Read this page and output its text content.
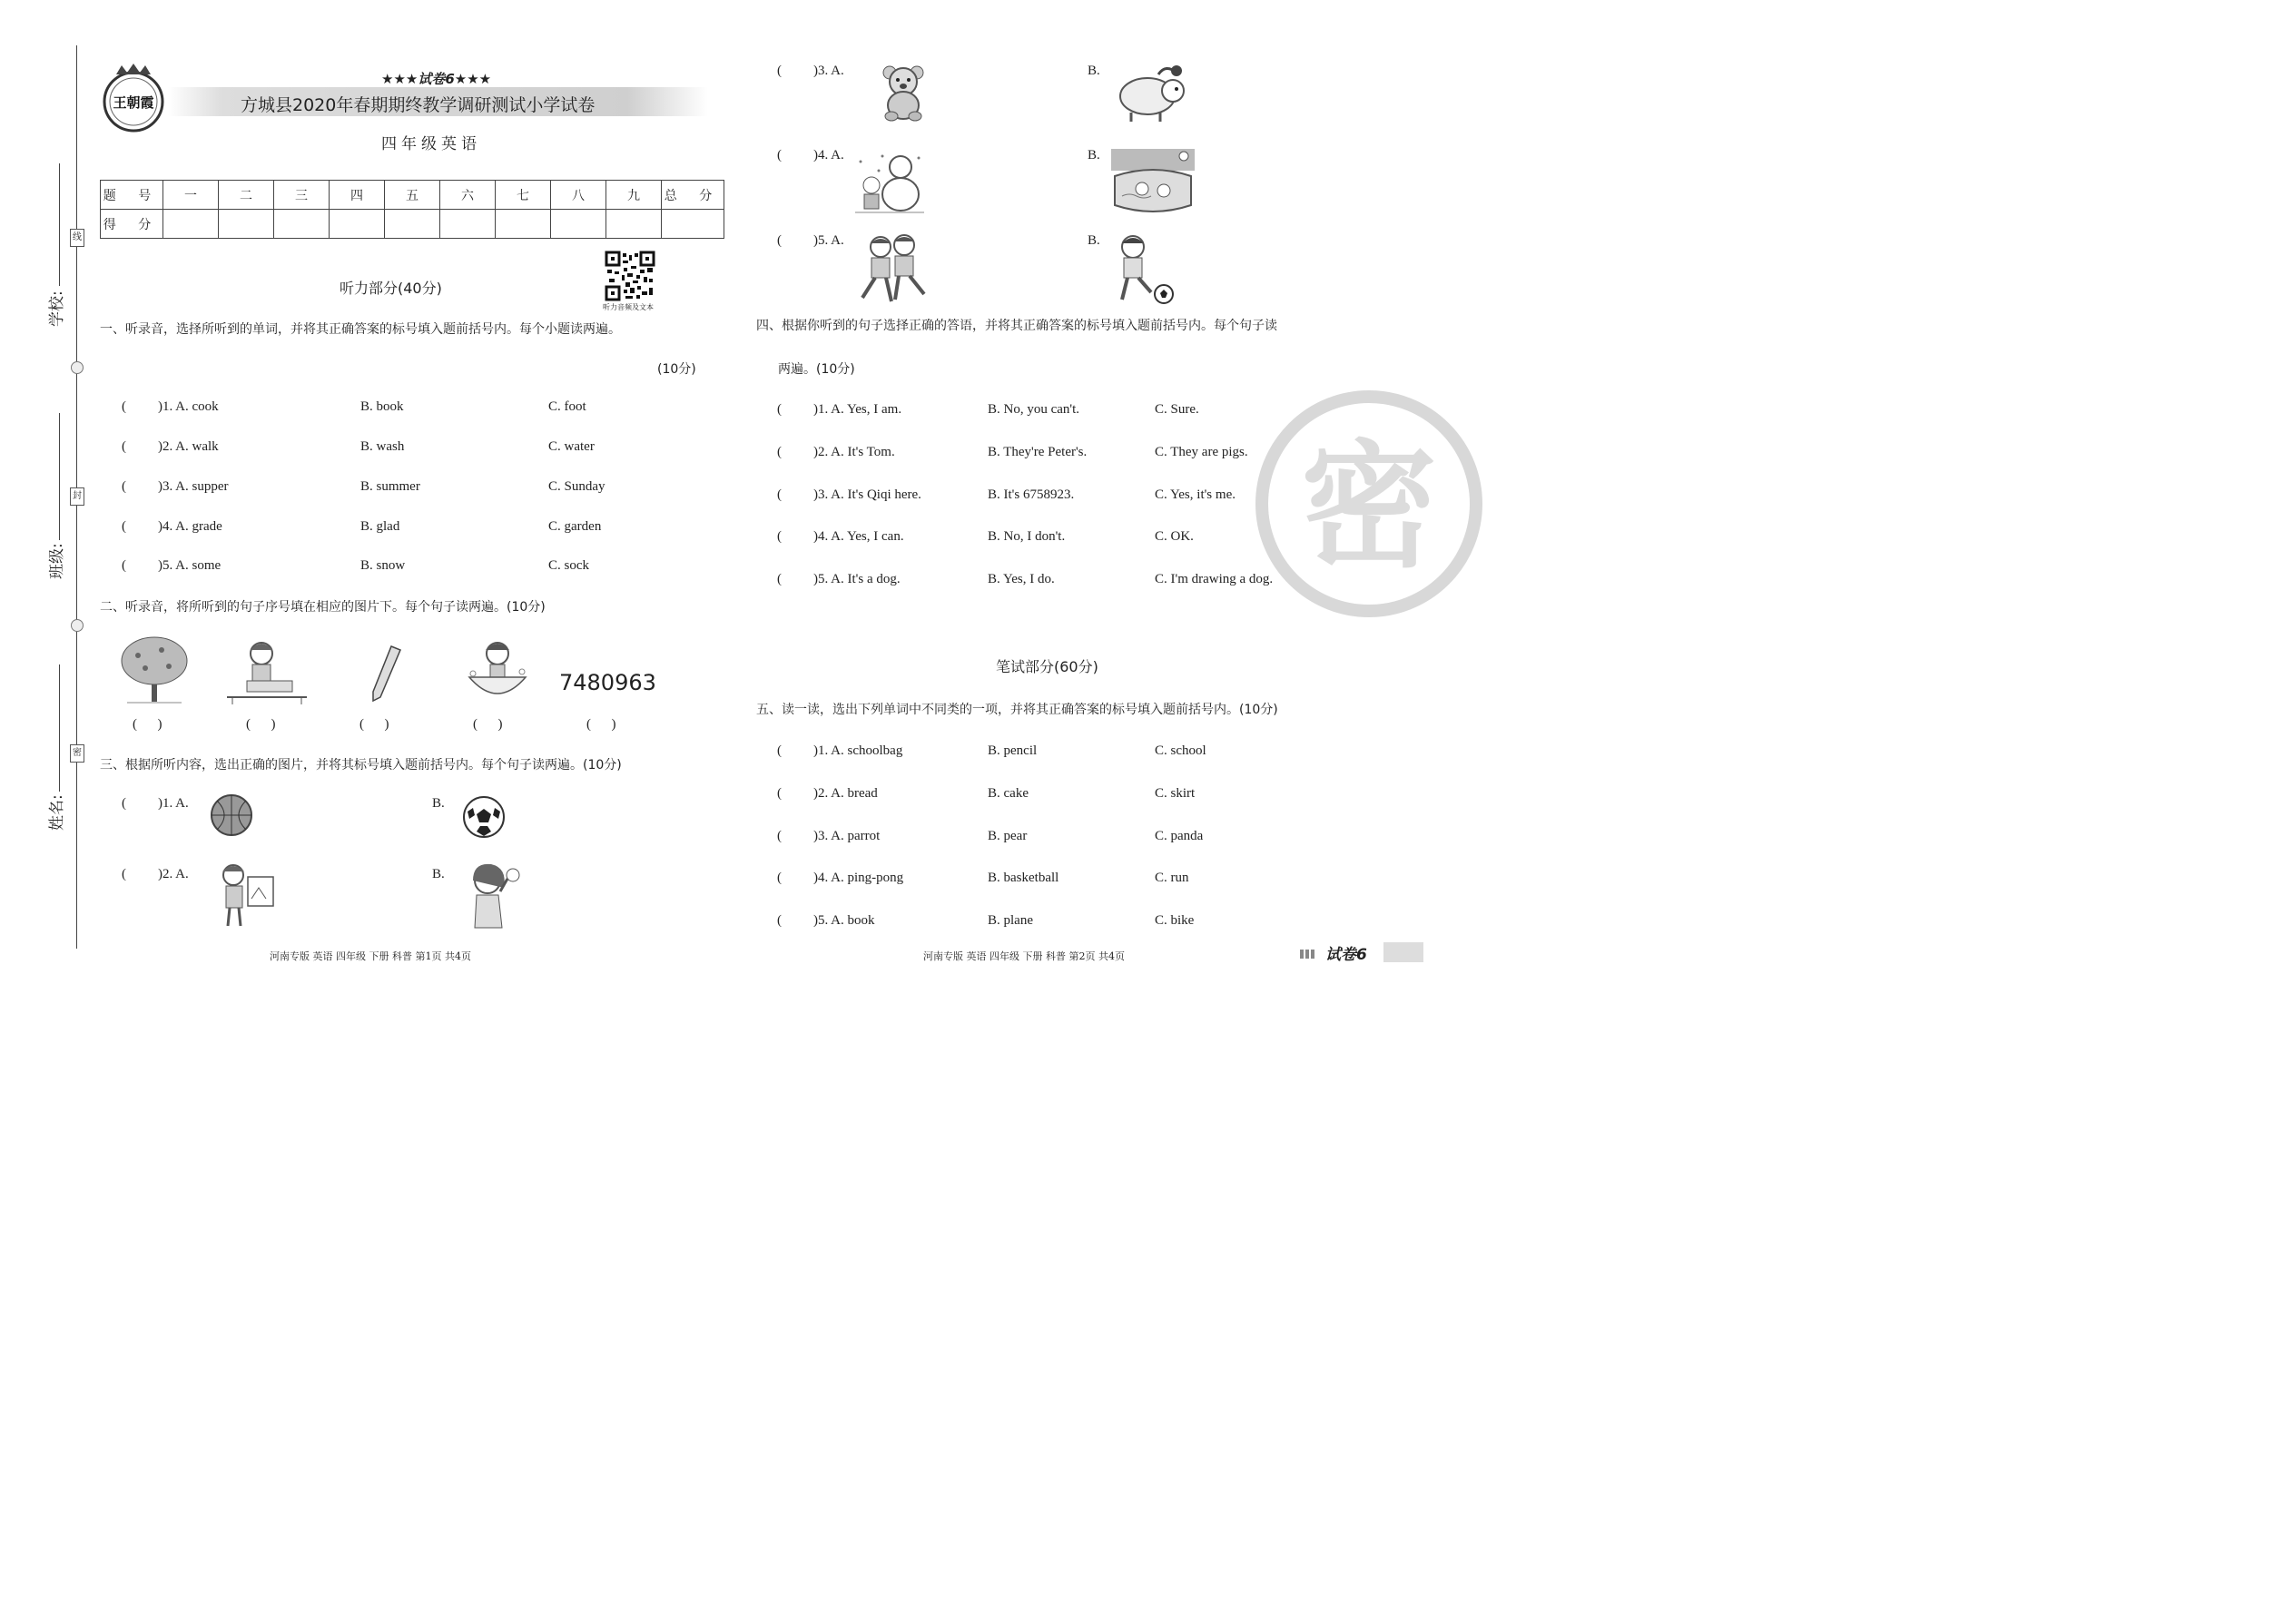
线
封
密
学校:
班级:
姓名:
王朝霞
★★★试卷6★★★
方城县2020年春期期终教学调研测试小学试卷
四年级英语
题 号	一	二	三	四	五	六	七	八	九	总 分
得 分										
听力音频及文本
听力部分(40分)
一、听录音，选择所听到的单词，并将其正确答案的标号填入题前括号内。每个小题读两遍。
(10分)
( )1. A. cook	B. book	C. foot
( )2. A. walk	B. wash	C. water
( )3. A. supper	B. summer	C. Sunday
( )4. A. grade	B. glad	C. garden
( )5. A. some	B. snow	C. sock
二、听录音，将所听到的句子序号填在相应的图片下。每个句子读两遍。(10分)
7480963
(      )	(      )	(      )	(      )	(      )
三、根据所听内容，选出正确的图片，并将其标号填入题前括号内。每个句子读两遍。(10分)
( )1. A.	B.
( )2. A.	B.
河南专版 英语 四年级 下册 科普 第1页 共4页
( )3. A.	B.
( )4. A.	B.
( )5. A.	B.
四、根据你听到的句子选择正确的答语，并将其正确答案的标号填入题前括号内。每个句子读
两遍。(10分)
( )1. A. Yes, I am.	B. No, you can't.	C. Sure.
( )2. A. It's Tom.	B. They're Peter's.	C. They are pigs.
( )3. A. It's Qiqi here.	B. It's 6758923.	C. Yes, it's me.
( )4. A. Yes, I can.	B. No, I don't.	C. OK.
( )5. A. It's a dog.	B. Yes, I do.	C. I'm drawing a dog. 密
笔试部分(60分)
五、读一读，选出下列单词中不同类的一项，并将其正确答案的标号填入题前括号内。(10分)
( )1. A. schoolbag	B. pencil	C. school
( )2. A. bread	B. cake	C. skirt
( )3. A. parrot	B. pear	C. panda
( )4. A. ping-pong	B. basketball	C. run
( )5. A. book	B. plane	C. bike
河南专版 英语 四年级 下册 科普 第2页 共4页	试卷6
